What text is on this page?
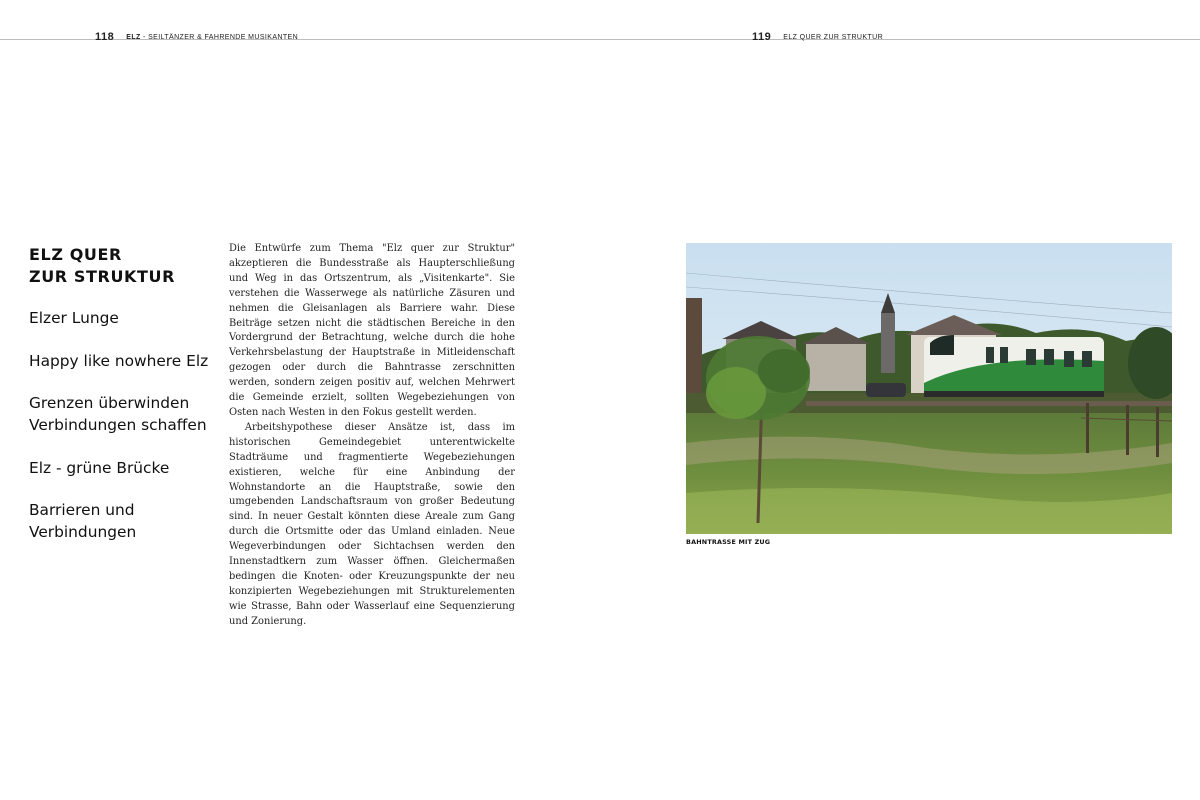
118 ELZ - SEILTÄNZER & FAHRENDE MUSIKANTEN
ELZ QUER
ZUR STRUKTUR
Elzer Lunge
Happy like nowhere Elz
Grenzen überwinden
Verbindungen schaffen
Elz - grüne Brücke
Barrieren und
Verbindungen

Die Entwürfe zum Thema "Elz quer zur Struktur" akzeptieren die Bundesstraße als Haupterschließung und Weg in das Ortszentrum, als „Visitenkarte". Sie verstehen die Wasserwege als natürliche Zäsuren und nehmen die Gleisanlagen als Barriere wahr. Diese Beiträge setzen nicht die städtischen Bereiche in den Vordergrund der Betrachtung, welche durch die hohe Verkehrsbelastung der Hauptstraße in Mitleidenschaft gezogen oder durch die Bahntrasse zerschnitten werden, sondern zeigen positiv auf, welchen Mehrwert die Gemeinde erzielt, sollten Wegebeziehungen von Osten nach Westen in den Fokus gestellt werden.

Arbeitshypothese dieser Ansätze ist, dass im historischen Gemeindegebiet unterentwickelte Stadträume und fragmentierte Wegebeziehungen existieren, welche für eine Anbindung der Wohnstandorte an die Hauptstraße, sowie den umgebenden Landschaftsraum von großer Bedeutung sind. In neuer Gestalt könnten diese Areale zum Gang durch die Ortsmitte oder das Umland einladen. Neue Wegeverbindungen oder Sichtachsen werden den Innenstadtkern zum Wasser öffnen. Gleichermaßen bedingen die Knoten- oder Kreuzungspunkte der neu konzipierten Wegebeziehungen mit Strukturelementen wie Strasse, Bahn oder Wasserlauf eine Sequenzierung und Zonierung.

119 ELZ QUER ZUR STRUKTUR
BAHNTRASSE MIT ZUG
